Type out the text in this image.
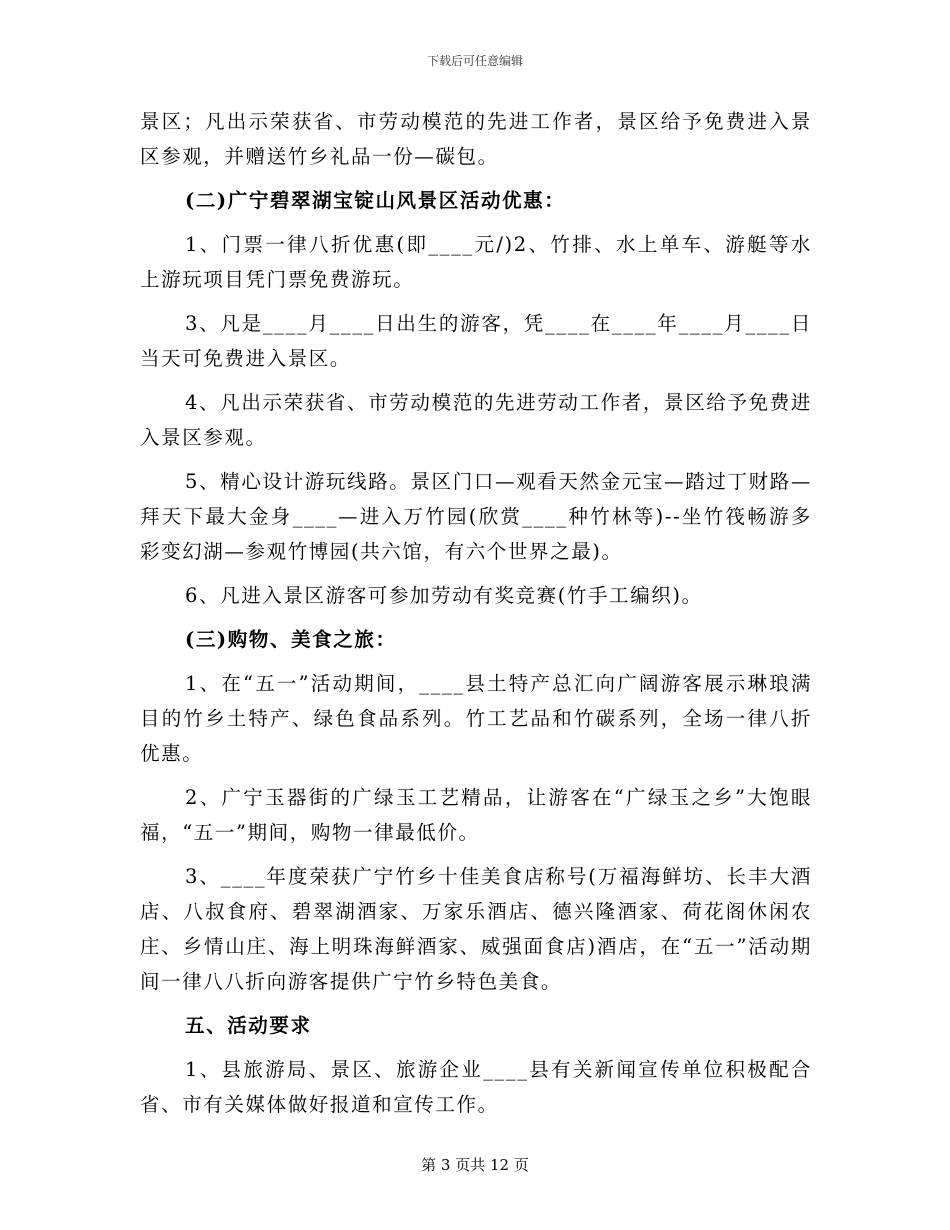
下载后可任意编辑

景区；凡出示荣获省、市劳动模范的先进工作者，景区给予免费进入景区参观，并赠送竹乡礼品一份—碳包。

(二)广宁碧翠湖宝锭山风景区活动优惠：

1、门票一律八折优惠(即____元/)2、竹排、水上单车、游艇等水上游玩项目凭门票免费游玩。

3、凡是____月____日出生的游客，凭____在____年____月____日当天可免费进入景区。

4、凡出示荣获省、市劳动模范的先进劳动工作者，景区给予免费进入景区参观。

5、精心设计游玩线路。景区门口—观看天然金元宝—踏过丁财路—拜天下最大金身____—进入万竹园(欣赏____种竹林等)--坐竹筏畅游多彩变幻湖—参观竹博园(共六馆，有六个世界之最)。

6、凡进入景区游客可参加劳动有奖竞赛(竹手工编织)。

(三)购物、美食之旅：

1、在“五一”活动期间，____县土特产总汇向广阔游客展示琳琅满目的竹乡土特产、绿色食品系列。竹工艺品和竹碳系列，全场一律八折优惠。

2、广宁玉器街的广绿玉工艺精品，让游客在“广绿玉之乡”大饱眼福，“五一”期间，购物一律最低价。

3、____年度荣获广宁竹乡十佳美食店称号(万福海鲜坊、长丰大酒店、八叔食府、碧翠湖酒家、万家乐酒店、德兴隆酒家、荷花阁休闲农庄、乡情山庄、海上明珠海鲜酒家、威强面食店)酒店，在“五一”活动期间一律八八折向游客提供广宁竹乡特色美食。

五、活动要求

1、县旅游局、景区、旅游企业____县有关新闻宣传单位积极配合省、市有关媒体做好报道和宣传工作。

第 3 页共 12 页
